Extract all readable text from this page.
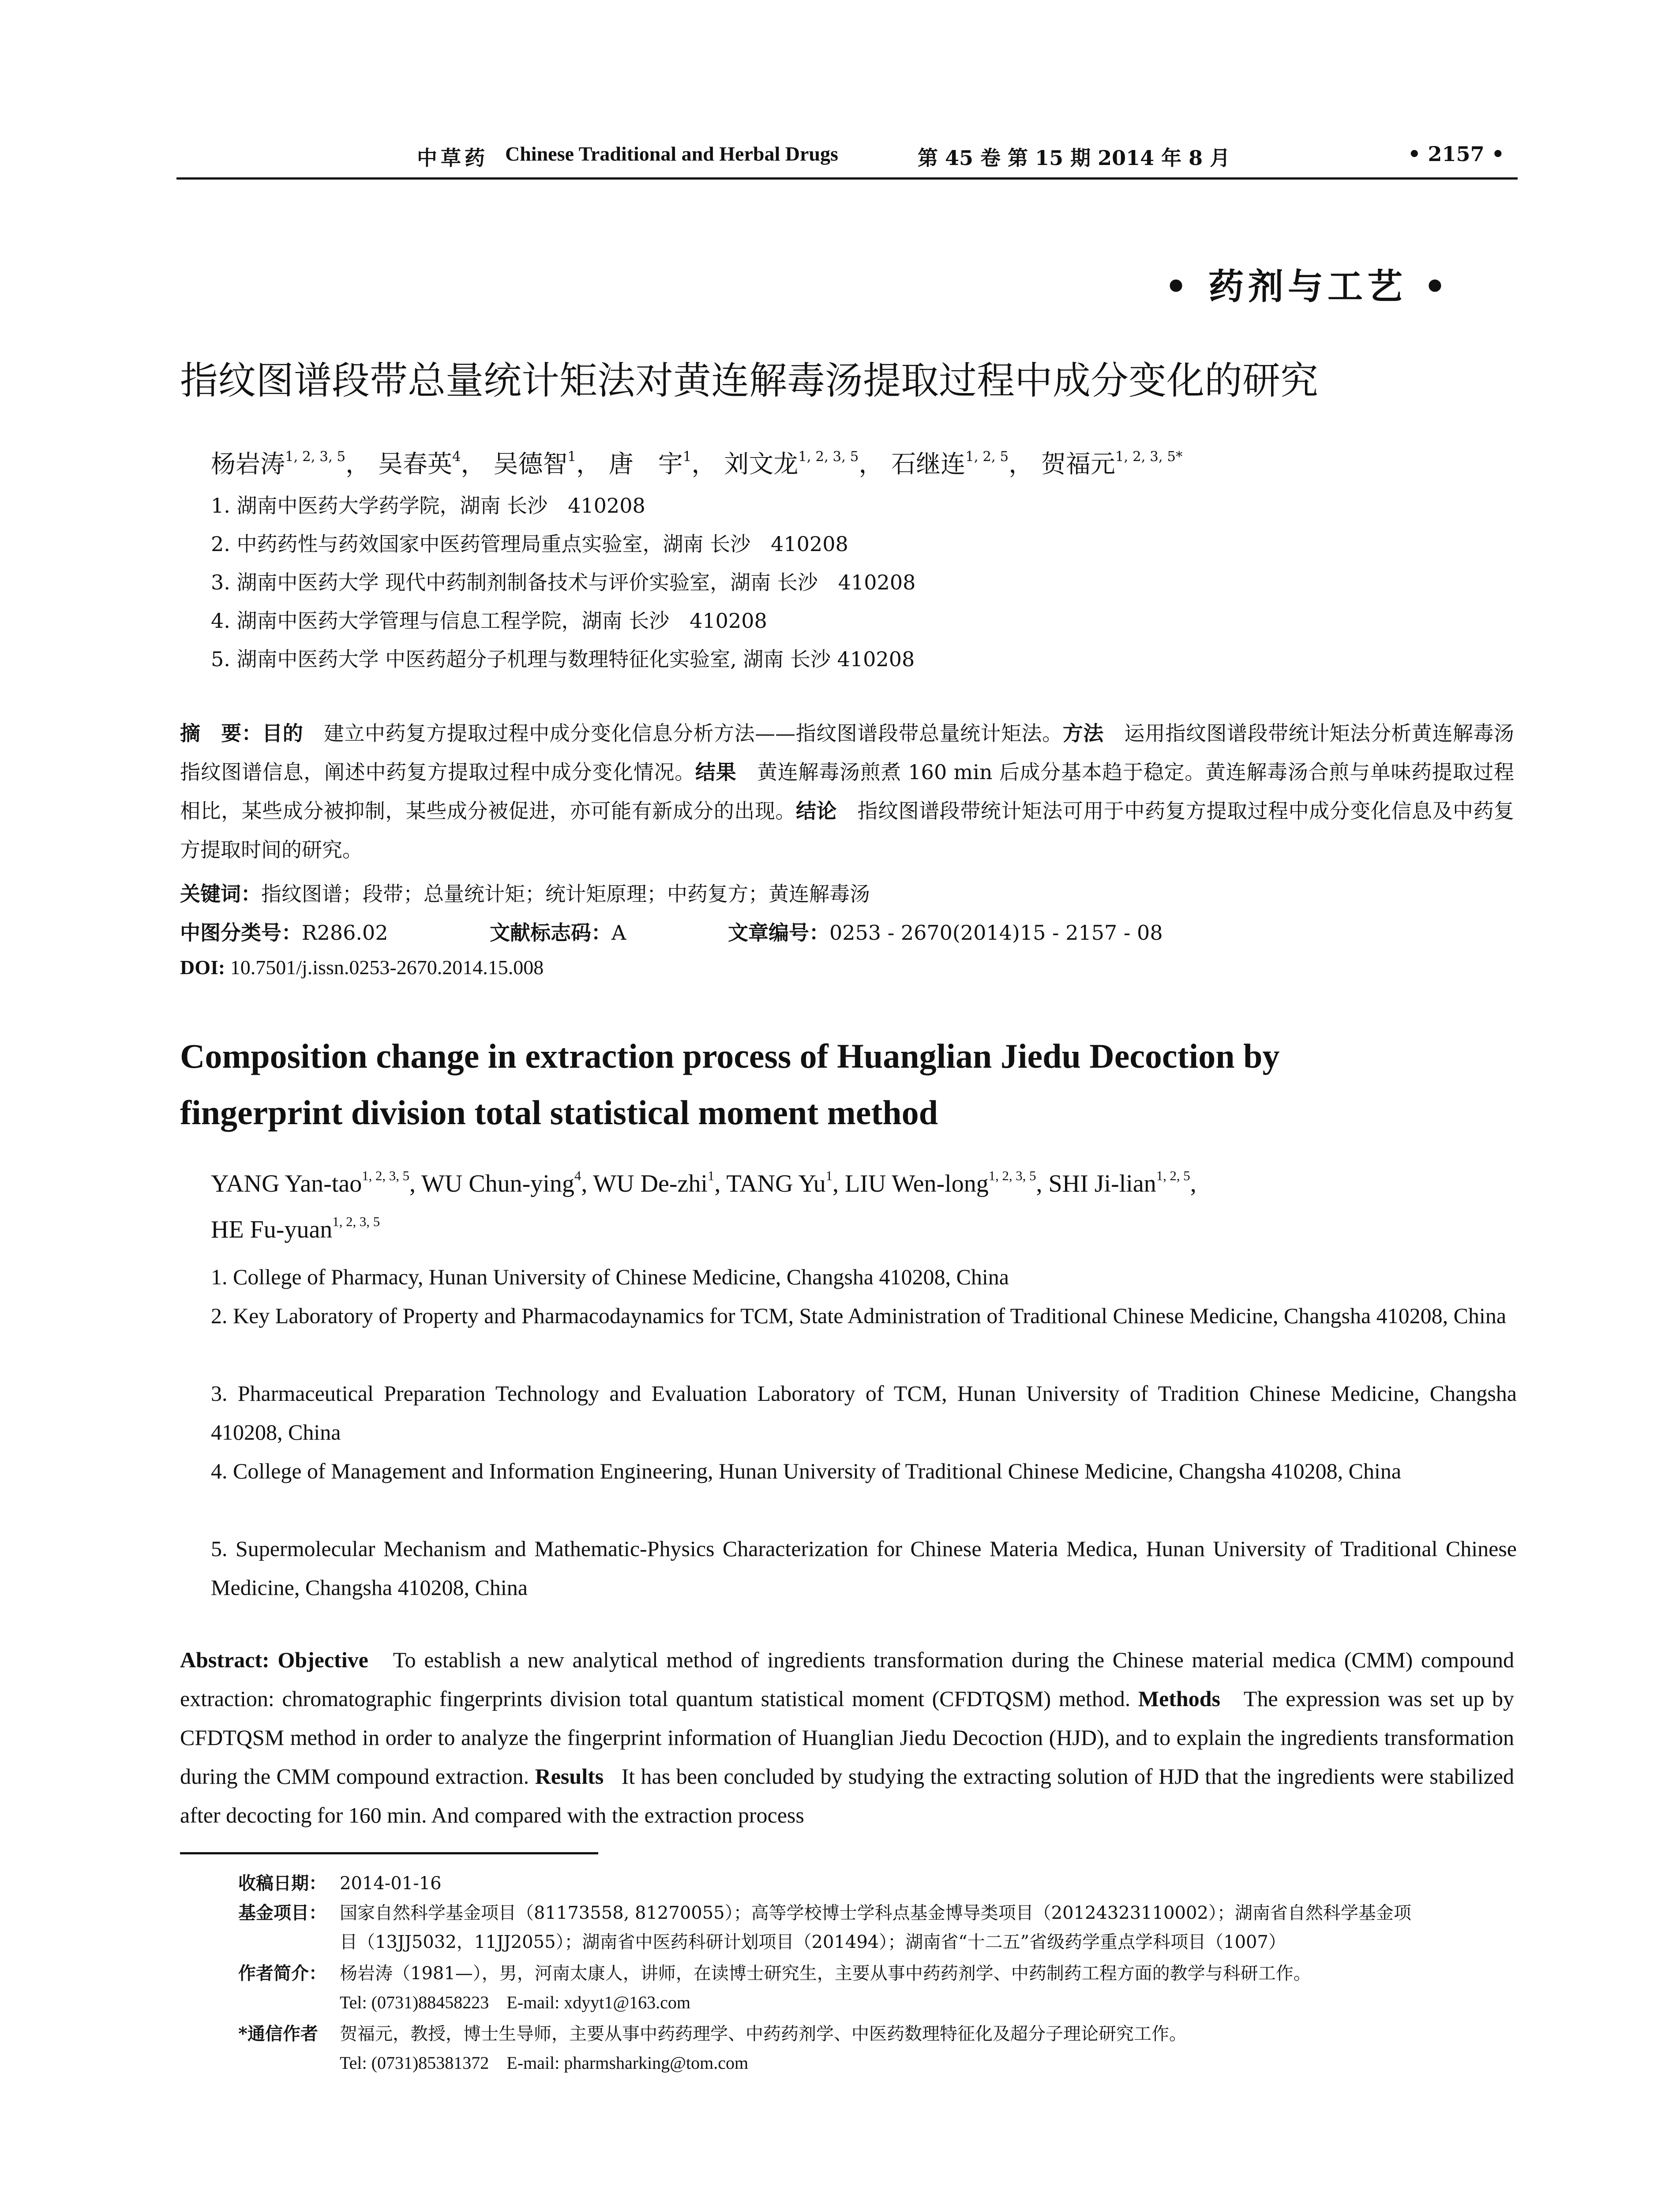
中草药 Chinese Traditional and Herbal Drugs	第 45 卷 第 15 期 2014 年 8 月	• 2157 •
• 药剂与工艺 •
指纹图谱段带总量统计矩法对黄连解毒汤提取过程中成分变化的研究
杨岩涛$^{1, 2, 3, 5}$， 吴春英$^4$， 吴德智$^1$， 唐　宇$^1$， 刘文龙$^{1, 2, 3, 5}$， 石继连$^{1, 2, 5}$， 贺福元$^{1, 2, 3, 5*}$
1. 湖南中医药大学药学院，湖南 长沙　410208
2. 中药药性与药效国家中医药管理局重点实验室，湖南 长沙　410208
3. 湖南中医药大学 现代中药制剂制备技术与评价实验室，湖南 长沙　410208
4. 湖南中医药大学管理与信息工程学院，湖南 长沙　410208
5. 湖南中医药大学 中医药超分子机理与数理特征化实验室, 湖南 长沙 410208
摘　要：目的　 建立中药复方提取过程中成分变化信息分析方法——指纹图谱段带总量统计矩法。方法　 运用指纹图谱段带统计矩法分析黄连解毒汤指纹图谱信息，阐述中药复方提取过程中成分变化情况。结果　 黄连解毒汤煎煮 160 min 后成分基本趋于稳定。黄连解毒汤合煎与单味药提取过程相比，某些成分被抑制，某些成分被促进，亦可能有新成分的出现。结论　 指纹图谱段带统计矩法可用于中药复方提取过程中成分变化信息及中药复方提取时间的研究。
关键词：指纹图谱；段带；总量统计矩；统计矩原理；中药复方；黄连解毒汤
中图分类号：R286.02	文献标志码：A	文章编号：0253 - 2670(2014)15 - 2157 - 08
DOI: 10.7501/j.issn.0253-2670.2014.15.008
Composition change in extraction process of Huanglian Jiedu Decoction by
fingerprint division total statistical moment method
YANG Yan-tao$^{1, 2, 3, 5}$, WU Chun-ying$^4$, WU De-zhi$^1$, TANG Yu$^1$, LIU Wen-long$^{1, 2, 3, 5}$, SHI Ji-lian$^{1, 2, 5}$,
HE Fu-yuan$^{1, 2, 3, 5}$
1. College of Pharmacy, Hunan University of Chinese Medicine, Changsha 410208, China
2. Key Laboratory of Property and Pharmacodaynamics for TCM, State Administration of Traditional Chinese Medicine, Changsha 410208, China
3. Pharmaceutical Preparation Technology and Evaluation Laboratory of TCM, Hunan University of Tradition Chinese Medicine, Changsha 410208, China
4. College of Management and Information Engineering, Hunan University of Traditional Chinese Medicine, Changsha 410208, China
5. Supermolecular Mechanism and Mathematic-Physics Characterization for Chinese Materia Medica, Hunan University of Traditional Chinese Medicine, Changsha 410208, China
Abstract: Objective To establish a new analytical method of ingredients transformation during the Chinese material medica (CMM) compound extraction: chromatographic fingerprints division total quantum statistical moment (CFDTQSM) method. Methods The expression was set up by CFDTQSM method in order to analyze the fingerprint information of Huanglian Jiedu Decoction (HJD), and to explain the ingredients transformation during the CMM compound extraction. Results It has been concluded by studying the extracting solution of HJD that the ingredients were stabilized after decocting for 160 min. And compared with the extraction process
收稿日期： 2014-01-16
基金项目： 国家自然科学基金项目（81173558, 81270055）；高等学校博士学科点基金博导类项目（20124323110002）；湖南省自然科学基金项
目（13JJ5032，11JJ2055）；湖南省中医药科研计划项目（201494）；湖南省“十二五”省级药学重点学科项目（1007）
作者简介： 杨岩涛（1981—），男，河南太康人，讲师，在读博士研究生，主要从事中药药剂学、中药制药工程方面的教学与科研工作。
Tel: (0731)88458223　E-mail: xdyyt1@163.com
*通信作者 贺福元，教授，博士生导师，主要从事中药药理学、中药药剂学、中医药数理特征化及超分子理论研究工作。
Tel: (0731)85381372　E-mail: pharmsharking@tom.com
